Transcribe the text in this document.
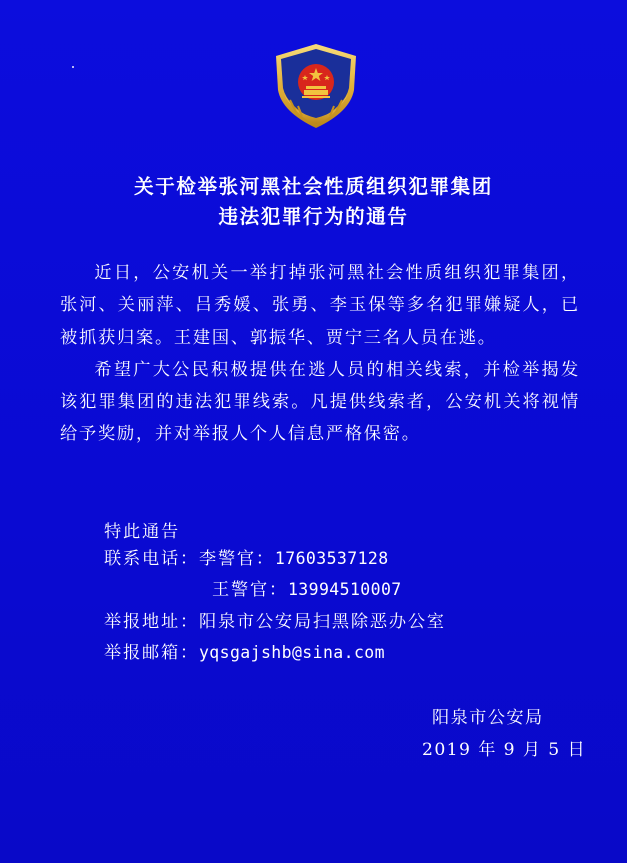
关于检举张河黑社会性质组织犯罪集团
违法犯罪行为的通告

近日，公安机关一举打掉张河黑社会性质组织犯罪集团，张河、关丽萍、吕秀媛、张勇、李玉保等多名犯罪嫌疑人，已被抓获归案。王建国、郭振华、贾宁三名人员在逃。

希望广大公民积极提供在逃人员的相关线索，并检举揭发该犯罪集团的违法犯罪线索。凡提供线索者，公安机关将视情给予奖励，并对举报人个人信息严格保密。

特此通告
联系电话：李警官：17603537128
王警官：13994510007
举报地址：阳泉市公安局扫黑除恶办公室
举报邮箱：yqsgajshb@sina.com
阳泉市公安局
2019 年 9 月 5 日
